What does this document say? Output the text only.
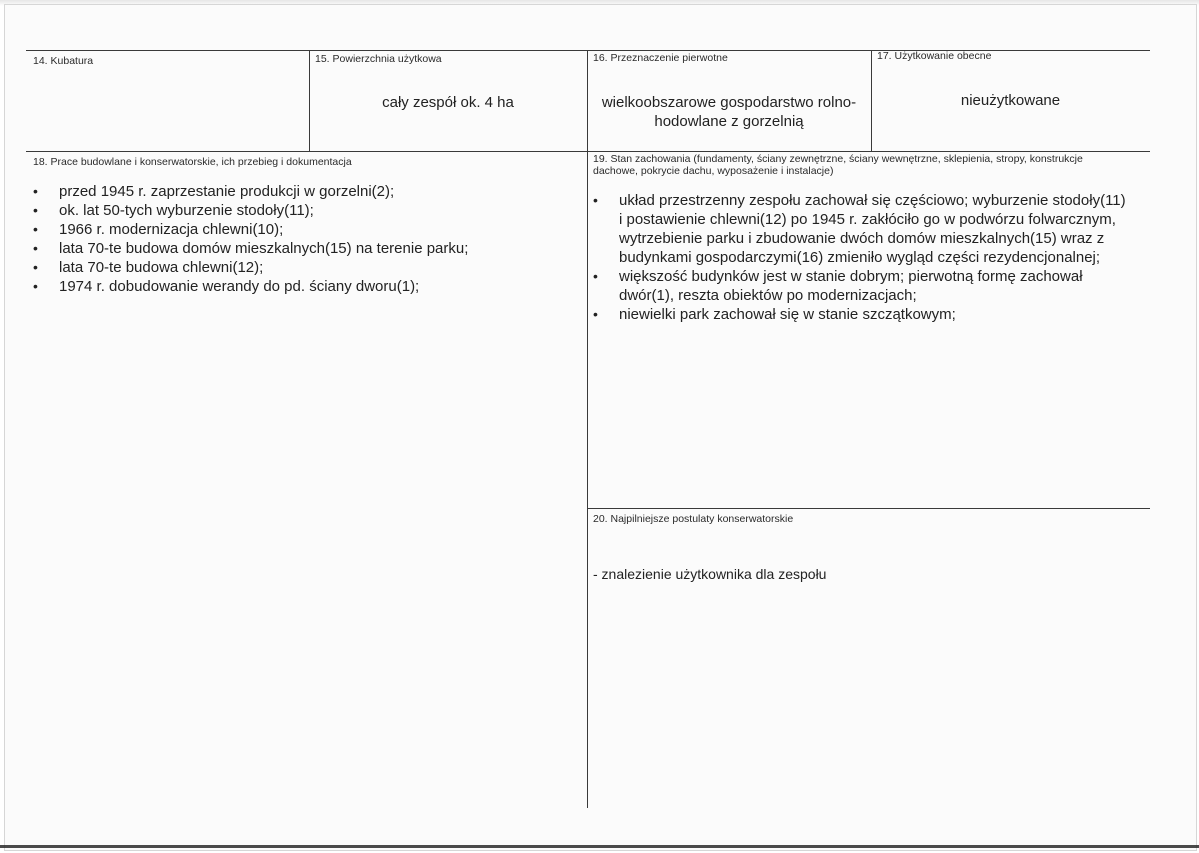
14. Kubatura	15. Powierzchnia użytkowa
cały zespół ok. 4 ha
16. Przeznaczenie pierwotne
wielkoobszarowe gospodarstwo rolno-
hodowlane z gorzelnią
17. Użytkowanie obecne
nieużytkowane
18. Prace budowlane i konserwatorskie, ich przebieg i dokumentacja
• przed 1945 r. zaprzestanie produkcji w gorzelni(2);
• ok. lat 50-tych wyburzenie stodoły(11);
• 1966 r. modernizacja chlewni(10);
• lata 70-te budowa domów mieszkalnych(15) na terenie parku;
• lata 70-te budowa chlewni(12);
• 1974 r. dobudowanie werandy do pd. ściany dworu(1);
19. Stan zachowania (fundamenty, ściany zewnętrzne, ściany wewnętrzne, sklepienia, stropy, konstrukcje dachowe, pokrycie dachu, wyposażenie i instalacje)
• układ przestrzenny zespołu zachował się częściowo; wyburzenie stodoły(11) i postawienie chlewni(12) po 1945 r. zakłóciło go w podwórzu folwarcznym, wytrzebienie parku i zbudowanie dwóch domów mieszkalnych(15) wraz z budynkami gospodarczymi(16) zmieniło wygląd części rezydencjonalnej;
• większość budynków jest w stanie dobrym; pierwotną formę zachował dwór(1), reszta obiektów po modernizacjach;
• niewielki park zachował się w stanie szczątkowym;
20. Najpilniejsze postulaty konserwatorskie
- znalezienie użytkownika dla zespołu
